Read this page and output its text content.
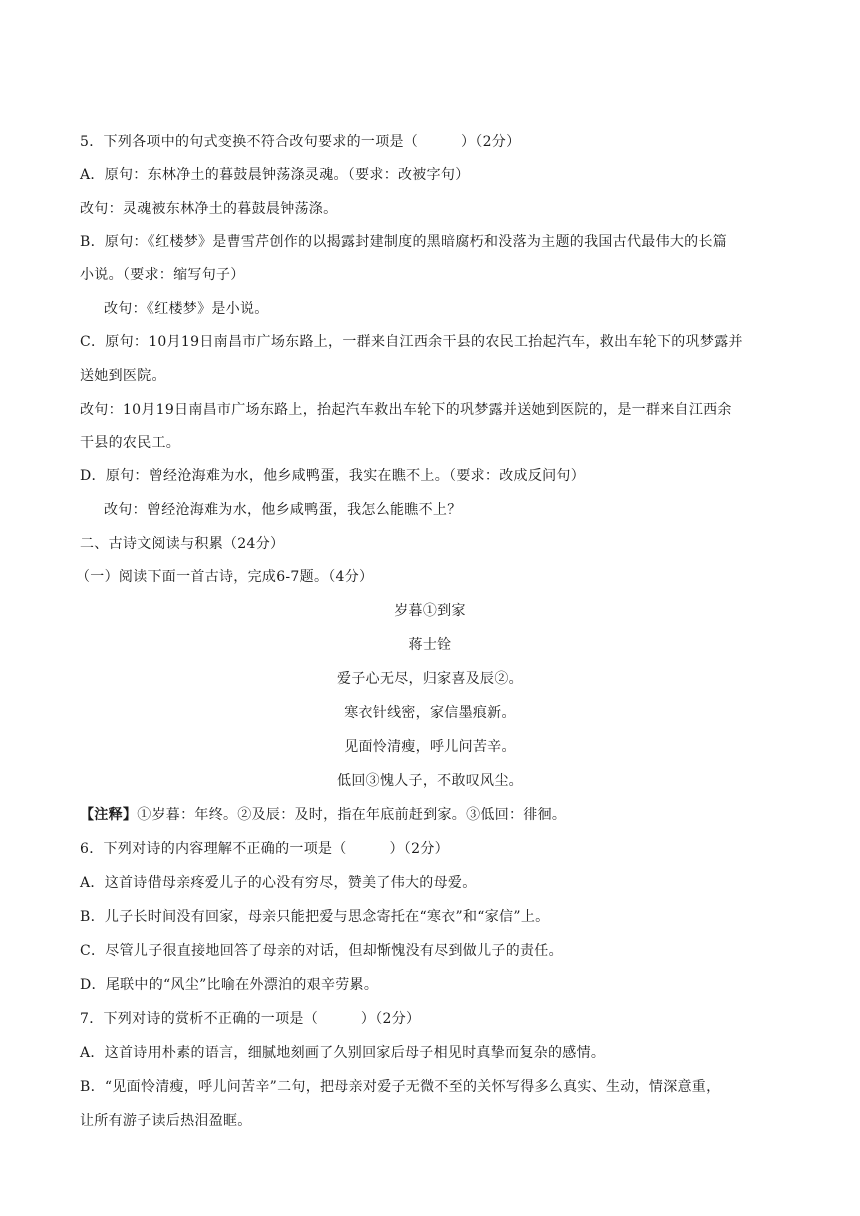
5．下列各项中的句式变换不符合改句要求的一项是（　　　）（2分）
A．原句：东林净土的暮鼓晨钟荡涤灵魂。（要求：改被字句）
改句：灵魂被东林净土的暮鼓晨钟荡涤。
B．原句：《红楼梦》是曹雪芹创作的以揭露封建制度的黑暗腐朽和没落为主题的我国古代最伟大的长篇
小说。（要求：缩写句子）
改句：《红楼梦》是小说。
C．原句：10月19日南昌市广场东路上，一群来自江西余干县的农民工抬起汽车，救出车轮下的巩梦露并
送她到医院。
改句：10月19日南昌市广场东路上，抬起汽车救出车轮下的巩梦露并送她到医院的，是一群来自江西余
干县的农民工。
D．原句：曾经沧海难为水，他乡咸鸭蛋，我实在瞧不上。（要求：改成反问句）
改句：曾经沧海难为水，他乡咸鸭蛋，我怎么能瞧不上？
二、古诗文阅读与积累（24分）
（一）阅读下面一首古诗，完成6-7题。（4分）
岁暮①到家
蒋士铨
爱子心无尽，归家喜及辰②。
寒衣针线密，家信墨痕新。
见面怜清瘦，呼儿问苦辛。
低回③愧人子，不敢叹风尘。
【注释】①岁暮：年终。②及辰：及时，指在年底前赶到家。③低回：徘徊。
6．下列对诗的内容理解不正确的一项是（　　　）（2分）
A．这首诗借母亲疼爱儿子的心没有穷尽，赞美了伟大的母爱。
B．儿子长时间没有回家，母亲只能把爱与思念寄托在“寒衣”和“家信”上。
C．尽管儿子很直接地回答了母亲的对话，但却惭愧没有尽到做儿子的责任。
D．尾联中的“风尘”比喻在外漂泊的艰辛劳累。
7．下列对诗的赏析不正确的一项是（　　　）（2分）
A．这首诗用朴素的语言，细腻地刻画了久别回家后母子相见时真挚而复杂的感情。
B．“见面怜清瘦，呼儿问苦辛”二句，把母亲对爱子无微不至的关怀写得多么真实、生动，情深意重，
让所有游子读后热泪盈眶。
